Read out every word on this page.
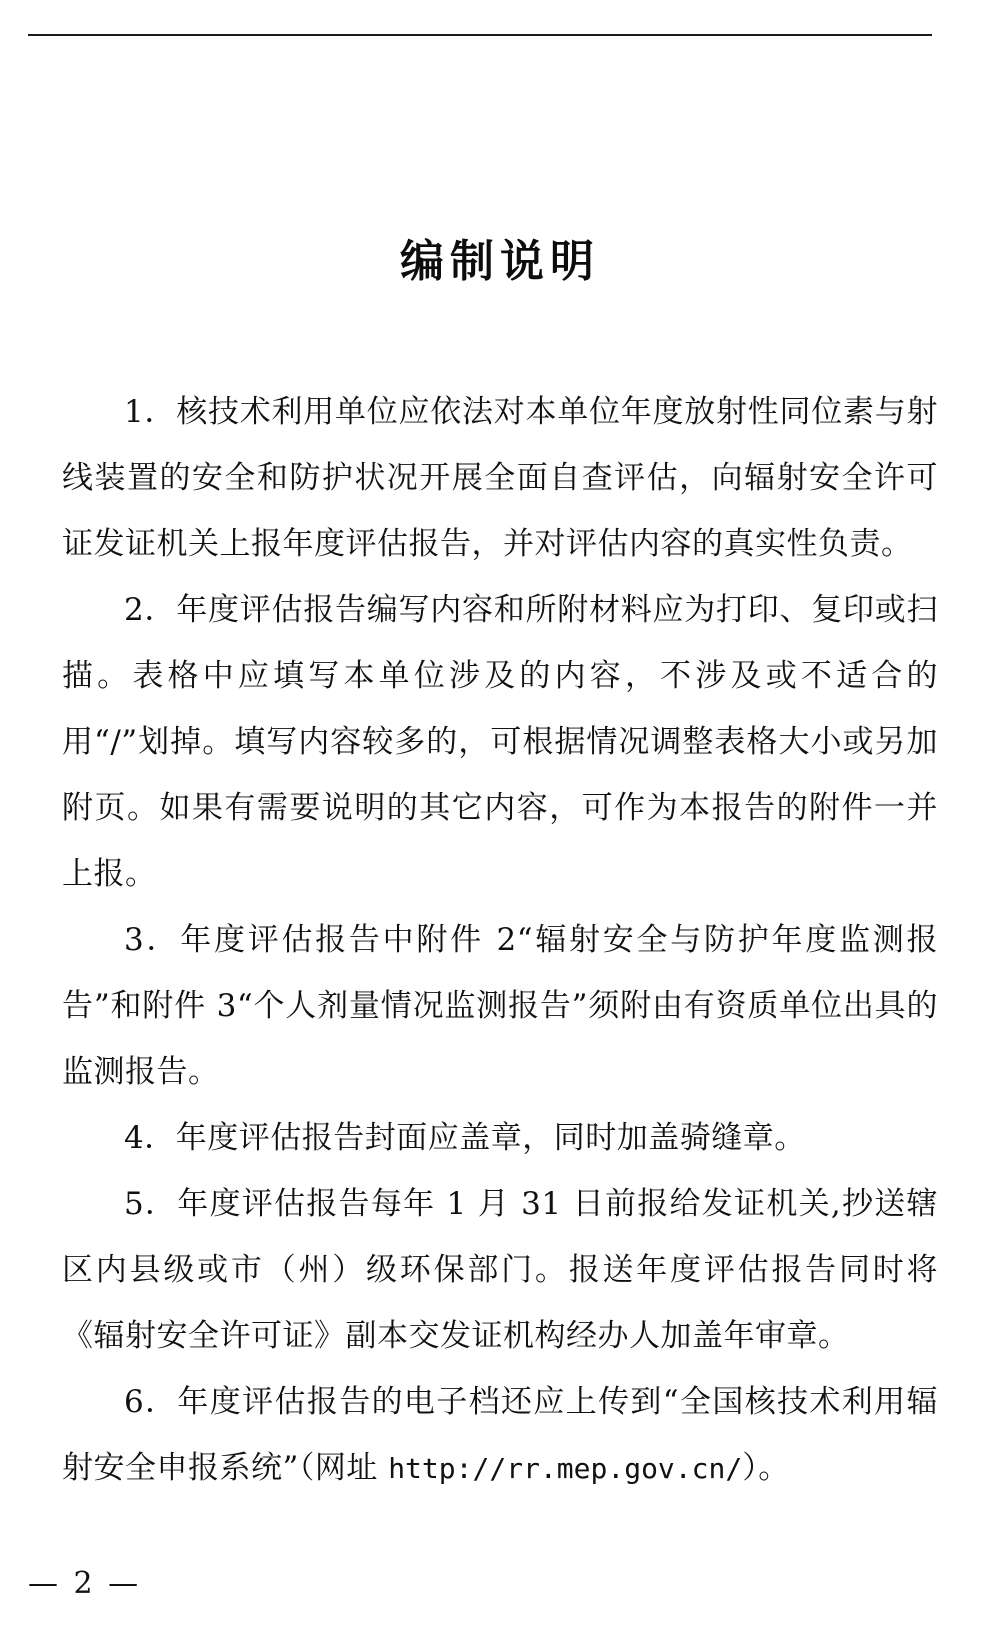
编制说明

1．核技术利用单位应依法对本单位年度放射性同位素与射线装置的安全和防护状况开展全面自查评估，向辐射安全许可证发证机关上报年度评估报告，并对评估内容的真实性负责。

2．年度评估报告编写内容和所附材料应为打印、复印或扫描。表格中应填写本单位涉及的内容，不涉及或不适合的用“/”划掉。填写内容较多的，可根据情况调整表格大小或另加附页。如果有需要说明的其它内容，可作为本报告的附件一并上报。

3．年度评估报告中附件 2“辐射安全与防护年度监测报告”和附件 3“个人剂量情况监测报告”须附由有资质单位出具的监测报告。

4．年度评估报告封面应盖章，同时加盖骑缝章。

5．年度评估报告每年 1 月 31 日前报给发证机关,抄送辖区内县级或市（州）级环保部门。报送年度评估报告同时将《辐射安全许可证》副本交发证机构经办人加盖年审章。

6．年度评估报告的电子档还应上传到“全国核技术利用辐射安全申报系统”（网址 http://rr.mep.gov.cn/）。

— 2 —
